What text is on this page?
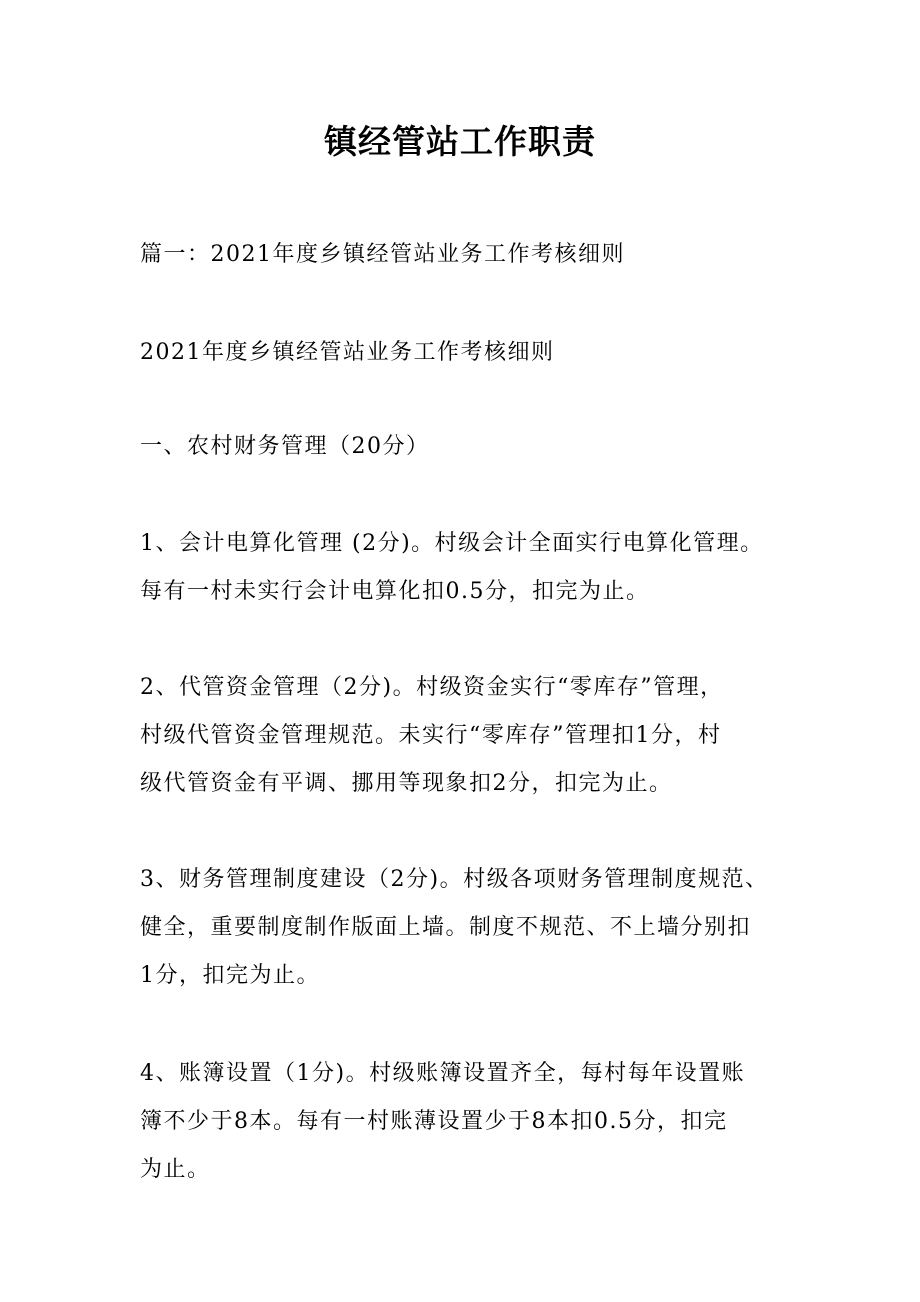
镇经管站工作职责

篇一：2021年度乡镇经管站业务工作考核细则

2021年度乡镇经管站业务工作考核细则

一、农村财务管理（20分）

1、会计电算化管理 (2分)。村级会计全面实行电算化管理。

每有一村未实行会计电算化扣0.5分，扣完为止。

2、代管资金管理（2分)。村级资金实行“零库存”管理，

村级代管资金管理规范。未实行“零库存”管理扣1分，村

级代管资金有平调、挪用等现象扣2分，扣完为止。

3、财务管理制度建设（2分)。村级各项财务管理制度规范、

健全，重要制度制作版面上墙。制度不规范、不上墙分别扣

1分，扣完为止。

4、账簿设置（1分)。村级账簿设置齐全，每村每年设置账

簿不少于8本。每有一村账薄设置少于8本扣0.5分，扣完

为止。
